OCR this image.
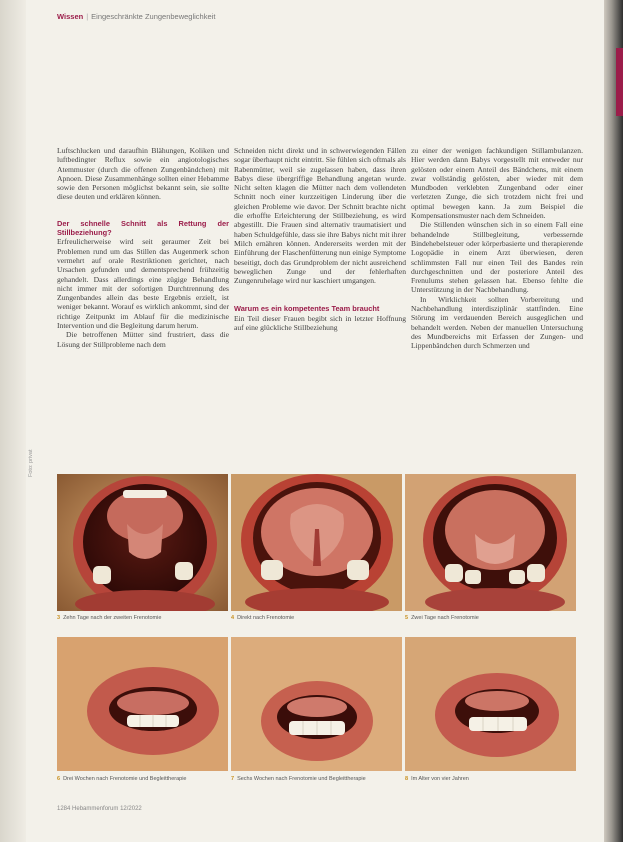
Wissen | Eingeschränkte Zungenbeweglichkeit

Luftschlucken und daraufhin Blähungen, Koliken und luftbedingter Reflux sowie ein angiotologisches Atemmuster (durch die offenen Zungenbändchen) mit Apnoen. Diese Zusammenhänge sollten einer Hebamme sowie den Personen möglichst bekannt sein, sie sollte diese deuten und erklären können.

Der schnelle Schnitt als Rettung der Stillbeziehung?

Erfreulicherweise wird seit geraumer Zeit bei Problemen rund um das Stillen das Augenmerk schon vermehrt auf orale Restriktionen gerichtet, nach Ursachen gefunden und dementsprechend frühzeitig gehandelt. Dass allerdings eine zügige Behandlung nicht immer mit der sofortigen Durchtrennung des Zungenbandes allein das beste Ergebnis erzielt, ist weniger bekannt. Worauf es wirklich ankommt, sind der richtige Zeitpunkt im Ablauf für die medizinische Intervention und die Begleitung darum herum.

Die betroffenen Mütter sind frustriert, dass die Lösung der Stillprobleme nach dem

Schneiden nicht direkt und in schwerwiegenden Fällen sogar überhaupt nicht eintritt. Sie fühlen sich oftmals als Rabenmütter, weil sie zugelassen haben, dass ihren Babys diese übergriffige Behandlung angetan wurde. Nicht selten klagen die Mütter nach dem vollendeten Schnitt noch einer kurzzeitigen Linderung über die gleichen Probleme wie davor. Der Schnitt brachte nicht die erhoffte Erleichterung der Stillbeziehung, es wird abgestillt. Die Frauen sind alternativ traumatisiert und haben Schuldgefühle, dass sie ihre Babys nicht mit ihrer Milch ernähren können. Andererseits werden mit der Einführung der Flaschenfütterung nun einige Symptome beseitigt, doch das Grundproblem der nicht ausreichend beweglichen Zunge und der fehlerhaften Zungenruhelage wird nur kaschiert umgangen.

Warum es ein kompetentes Team braucht

Ein Teil dieser Frauen begibt sich in letzter Hoffnung auf eine glückliche Stillbeziehung

zu einer der wenigen fachkundigen Stillambulanzen. Hier werden dann Babys vorgestellt mit entweder nur gelösten oder einem Anteil des Bändchens, mit einem zwar vollständig gelösten, aber wieder mit dem Mundboden verklebten Zungenband oder einer verletzten Zunge, die sich trotzdem nicht frei und optimal bewegen kann. Ja zum Beispiel die Kompensationsmuster nach dem Schneiden.

Die Stillenden wünschen sich in so einem Fall eine behandelnde Stillbegleitung, verbessernde Bindehebelsteuer oder körperbasierte und therapierende Logopädie in einem Arzt überwiesen, deren schlimmsten Fall nur einen Teil des Bandes rein durchgeschnitten und der posteriore Anteil des Frenulums stehen gelassen hat. Ebenso fehlte die Unterstützung in der Nachbehandlung.

In Wirklichkeit sollten Vorbereitung und Nachbehandlung interdisziplinär stattfinden. Eine Störung im verdauenden Bereich ausgeglichen und behandelt werden. Neben der manuellen Untersuchung des Mundbereichs mit Erfassen der Zungen- und Lippenbändchen durch Schmerzen und

Foto: privat
3 Zehn Tage nach der zweiten Frenotomie	4 Direkt nach Frenotomie	5 Zwei Tage nach Frenotomie
6 Drei Wochen nach Frenotomie und Begleittherapie	7 Sechs Wochen nach Frenotomie und Begleittherapie	8 Im Alter von vier Jahren
1284 Hebammenforum 12/2022
